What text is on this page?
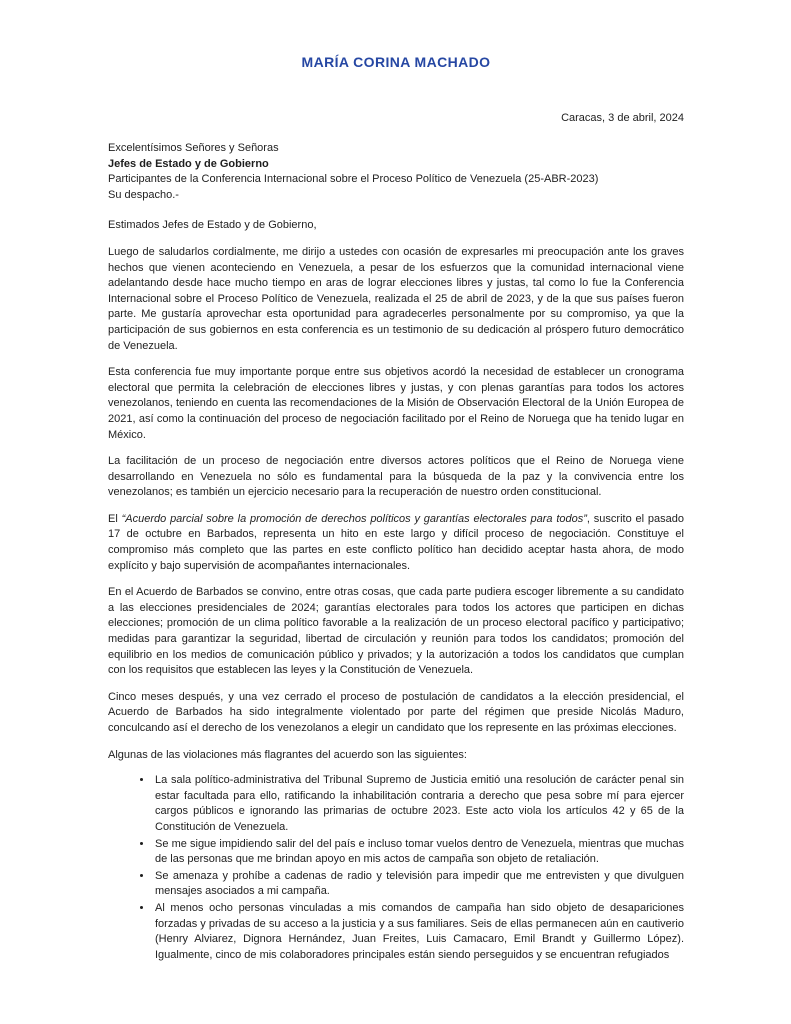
MARÍA CORINA MACHADO
Caracas, 3 de abril, 2024
Excelentísimos Señores y Señoras
Jefes de Estado y de Gobierno
Participantes de la Conferencia Internacional sobre el Proceso Político de Venezuela (25-ABR-2023)
Su despacho.-
Estimados Jefes de Estado y de Gobierno,

Luego de saludarlos cordialmente, me dirijo a ustedes con ocasión de expresarles mi preocupación ante los graves hechos que vienen aconteciendo en Venezuela, a pesar de los esfuerzos que la comunidad internacional viene adelantando desde hace mucho tiempo en aras de lograr elecciones libres y justas, tal como lo fue la Conferencia Internacional sobre el Proceso Político de Venezuela, realizada el 25 de abril de 2023, y de la que sus países fueron parte. Me gustaría aprovechar esta oportunidad para agradecerles personalmente por su compromiso, ya que la participación de sus gobiernos en esta conferencia es un testimonio de su dedicación al próspero futuro democrático de Venezuela.

Esta conferencia fue muy importante porque entre sus objetivos acordó la necesidad de establecer un cronograma electoral que permita la celebración de elecciones libres y justas, y con plenas garantías para todos los actores venezolanos, teniendo en cuenta las recomendaciones de la Misión de Observación Electoral de la Unión Europea de 2021, así como la continuación del proceso de negociación facilitado por el Reino de Noruega que ha tenido lugar en México.

La facilitación de un proceso de negociación entre diversos actores políticos que el Reino de Noruega viene desarrollando en Venezuela no sólo es fundamental para la búsqueda de la paz y la convivencia entre los venezolanos; es también un ejercicio necesario para la recuperación de nuestro orden constitucional.

El “Acuerdo parcial sobre la promoción de derechos políticos y garantías electorales para todos”, suscrito el pasado 17 de octubre en Barbados, representa un hito en este largo y difícil proceso de negociación. Constituye el compromiso más completo que las partes en este conflicto político han decidido aceptar hasta ahora, de modo explícito y bajo supervisión de acompañantes internacionales.

En el Acuerdo de Barbados se convino, entre otras cosas, que cada parte pudiera escoger libremente a su candidato a las elecciones presidenciales de 2024; garantías electorales para todos los actores que participen en dichas elecciones; promoción de un clima político favorable a la realización de un proceso electoral pacífico y participativo; medidas para garantizar la seguridad, libertad de circulación y reunión para todos los candidatos; promoción del equilibrio en los medios de comunicación público y privados; y la autorización a todos los candidatos que cumplan con los requisitos que establecen las leyes y la Constitución de Venezuela.

Cinco meses después, y una vez cerrado el proceso de postulación de candidatos a la elección presidencial, el Acuerdo de Barbados ha sido integralmente violentado por parte del régimen que preside Nicolás Maduro, conculcando así el derecho de los venezolanos a elegir un candidato que los represente en las próximas elecciones.

Algunas de las violaciones más flagrantes del acuerdo son las siguientes:

• La sala político-administrativa del Tribunal Supremo de Justicia emitió una resolución de carácter penal sin estar facultada para ello, ratificando la inhabilitación contraria a derecho que pesa sobre mí para ejercer cargos públicos e ignorando las primarias de octubre 2023. Este acto viola los artículos 42 y 65 de la Constitución de Venezuela.
• Se me sigue impidiendo salir del del país e incluso tomar vuelos dentro de Venezuela, mientras que muchas de las personas que me brindan apoyo en mis actos de campaña son objeto de retaliación.
• Se amenaza y prohíbe a cadenas de radio y televisión para impedir que me entrevisten y que divulguen mensajes asociados a mi campaña.
• Al menos ocho personas vinculadas a mis comandos de campaña han sido objeto de desapariciones forzadas y privadas de su acceso a la justicia y a sus familiares. Seis de ellas permanecen aún en cautiverio (Henry Alviarez, Dignora Hernández, Juan Freites, Luis Camacaro, Emil Brandt y Guillermo López). Igualmente, cinco de mis colaboradores principales están siendo perseguidos y se encuentran refugiados
